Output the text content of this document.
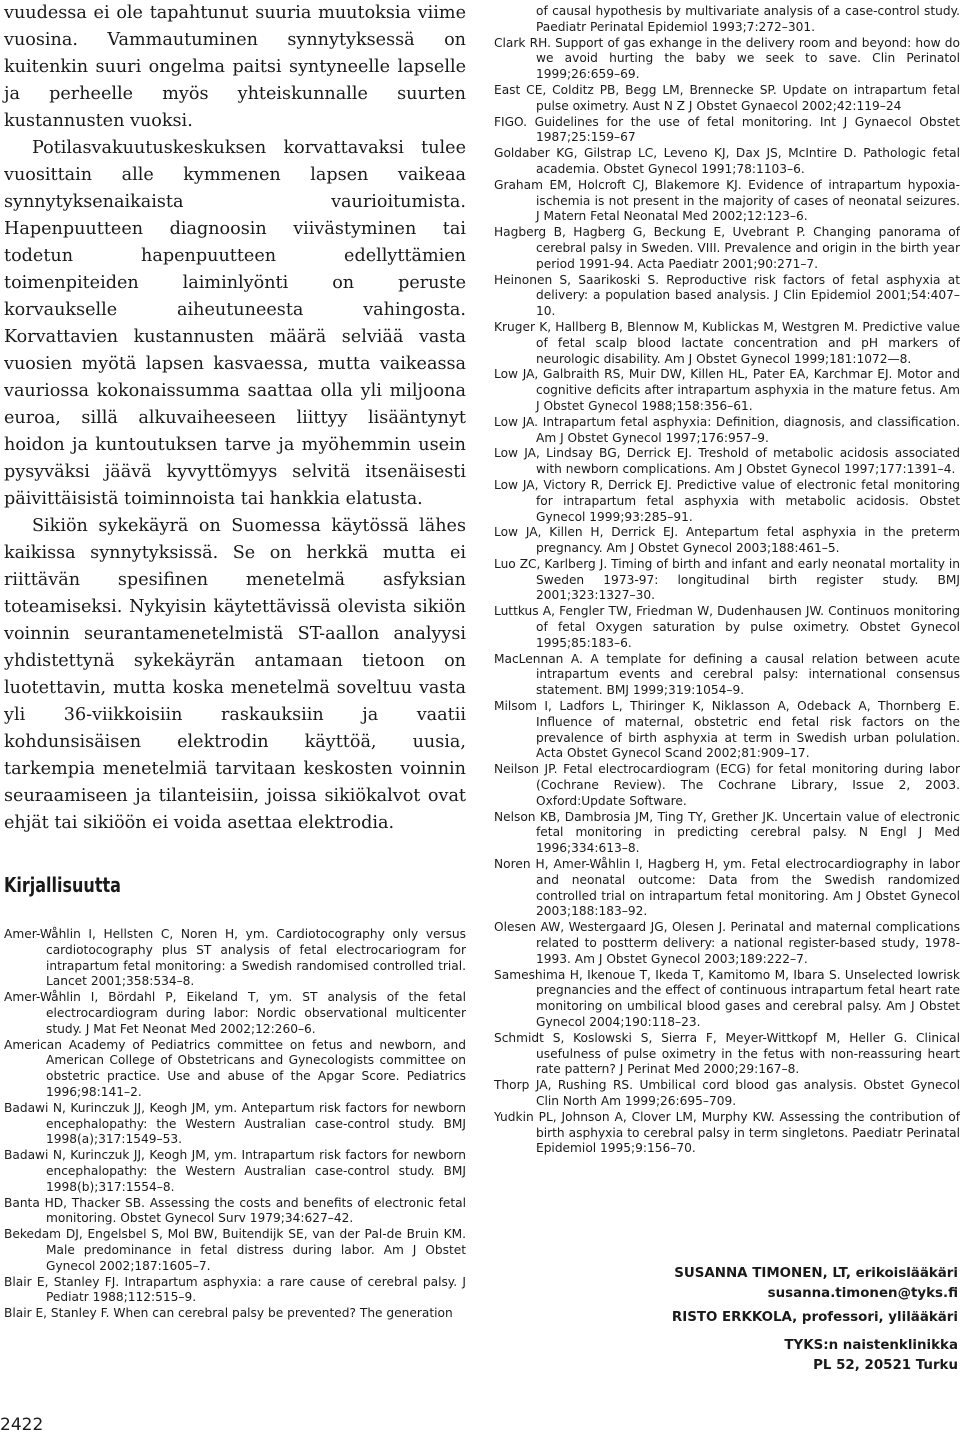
vuudessa ei ole tapahtunut suuria muutoksia viime vuosina. Vammautuminen synnytyksessä on kuitenkin suuri ongelma paitsi syntyneelle lapselle ja perheelle myös yhteiskunnalle suurten kustannusten vuoksi.

Potilasvakuutuskeskuksen korvattavaksi tulee vuosittain alle kymmenen lapsen vaikeaa synnytyksenaikaista vaurioitumista. Hapenpuutteen diagnoosin viivästyminen tai todetun hapenpuutteen edellyttämien toimenpiteiden laiminlyönti on peruste korvaukselle aiheutuneesta vahingosta. Korvattavien kustannusten määrä selviää vasta vuosien myötä lapsen kasvaessa, mutta vaikeassa vauriossa kokonaissumma saattaa olla yli miljoona euroa, sillä alkuvaiheeseen liittyy lisääntynyt hoidon ja kuntoutuksen tarve ja myöhemmin usein pysyväksi jäävä kyvyttömyys selvitä itsenäisesti päivittäisistä toiminnoista tai hankkia elatusta.

Sikiön sykekäyrä on Suomessa käytössä lähes kaikissa synnytyksissä. Se on herkkä mutta ei riittävän spesifinen menetelmä asfyksian toteamiseksi. Nykyisin käytettävissä olevista sikiön voinnin seurantamenetelmistä ST-aallon analyysi yhdistettynä sykekäyrän antamaan tietoon on luotettavin, mutta koska menetelmä soveltuu vasta yli 36-viikkoisiin raskauksiin ja vaatii kohdunsisäisen elektrodin käyttöä, uusia, tarkempia menetelmiä tarvitaan keskosten voinnin seuraamiseen ja tilanteisiin, joissa sikiökalvot ovat ehjät tai sikiöön ei voida asettaa elektrodia.

Kirjallisuutta

Amer-Wåhlin I, Hellsten C, Noren H, ym. Cardiotocography only versus cardiotocography plus ST analysis of fetal electrocariogram for intrapartum fetal monitoring: a Swedish randomised controlled trial. Lancet 2001;358:534–8.

Amer-Wåhlin I, Bördahl P, Eikeland T, ym. ST analysis of the fetal electrocardiogram during labor: Nordic observational multicenter study. J Mat Fet Neonat Med 2002;12:260–6.

American Academy of Pediatrics committee on fetus and newborn, and American College of Obstetricans and Gynecologists committee on obstetric practice. Use and abuse of the Apgar Score. Pediatrics 1996;98:141–2.

Badawi N, Kurinczuk JJ, Keogh JM, ym. Antepartum risk factors for newborn encephalopathy: the Western Australian case-control study. BMJ 1998(a);317:1549–53.

Badawi N, Kurinczuk JJ, Keogh JM, ym. Intrapartum risk factors for newborn encephalopathy: the Western Australian case-control study. BMJ 1998(b);317:1554–8.

Banta HD, Thacker SB. Assessing the costs and benefits of electronic fetal monitoring. Obstet Gynecol Surv 1979;34:627–42.

Bekedam DJ, Engelsbel S, Mol BW, Buitendijk SE, van der Pal-de Bruin KM. Male predominance in fetal distress during labor. Am J Obstet Gynecol 2002;187:1605–7.

Blair E, Stanley FJ. Intrapartum asphyxia: a rare cause of cerebral palsy. J Pediatr 1988;112:515–9.

Blair E, Stanley F. When can cerebral palsy be prevented? The generation

of causal hypothesis by multivariate analysis of a case-control study. Paediatr Perinatal Epidemiol 1993;7:272–301.

Clark RH. Support of gas exhange in the delivery room and beyond: how do we avoid hurting the baby we seek to save. Clin Perinatol 1999;26:659–69.

East CE, Colditz PB, Begg LM, Brennecke SP. Update on intrapartum fetal pulse oximetry. Aust N Z J Obstet Gynaecol 2002;42:119–24

FIGO. Guidelines for the use of fetal monitoring. Int J Gynaecol Obstet 1987;25:159–67

Goldaber KG, Gilstrap LC, Leveno KJ, Dax JS, McIntire D. Pathologic fetal academia. Obstet Gynecol 1991;78:1103–6.

Graham EM, Holcroft CJ, Blakemore KJ. Evidence of intrapartum hypoxia-ischemia is not present in the majority of cases of neonatal seizures. J Matern Fetal Neonatal Med 2002;12:123–6.

Hagberg B, Hagberg G, Beckung E, Uvebrant P. Changing panorama of cerebral palsy in Sweden. VIII. Prevalence and origin in the birth year period 1991-94. Acta Paediatr 2001;90:271–7.

Heinonen S, Saarikoski S. Reproductive risk factors of fetal asphyxia at delivery: a population based analysis. J Clin Epidemiol 2001;54:407–10.

Kruger K, Hallberg B, Blennow M, Kublickas M, Westgren M. Predictive value of fetal scalp blood lactate concentration and pH markers of neurologic disability. Am J Obstet Gynecol 1999;181:1072—8.

Low JA, Galbraith RS, Muir DW, Killen HL, Pater EA, Karchmar EJ. Motor and cognitive deficits after intrapartum asphyxia in the mature fetus. Am J Obstet Gynecol 1988;158:356–61.

Low JA. Intrapartum fetal asphyxia: Definition, diagnosis, and classification. Am J Obstet Gynecol 1997;176:957–9.

Low JA, Lindsay BG, Derrick EJ. Treshold of metabolic acidosis associated with newborn complications. Am J Obstet Gynecol 1997;177:1391–4.

Low JA, Victory R, Derrick EJ. Predictive value of electronic fetal monitoring for intrapartum fetal asphyxia with metabolic acidosis. Obstet Gynecol 1999;93:285–91.

Low JA, Killen H, Derrick EJ. Antepartum fetal asphyxia in the preterm pregnancy. Am J Obstet Gynecol 2003;188:461–5.

Luo ZC, Karlberg J. Timing of birth and infant and early neonatal mortality in Sweden 1973-97: longitudinal birth register study. BMJ 2001;323:1327–30.

Luttkus A, Fengler TW, Friedman W, Dudenhausen JW. Continuos monitoring of fetal Oxygen saturation by pulse oximetry. Obstet Gynecol 1995;85:183–6.

MacLennan A. A template for defining a causal relation between acute intrapartum events and cerebral palsy: international consensus statement. BMJ 1999;319:1054–9.

Milsom I, Ladfors L, Thiringer K, Niklasson A, Odeback A, Thornberg E. Influence of maternal, obstetric end fetal risk factors on the prevalence of birth asphyxia at term in Swedish urban polulation. Acta Obstet Gynecol Scand 2002;81:909–17.

Neilson JP. Fetal electrocardiogram (ECG) for fetal monitoring during labor (Cochrane Review). The Cochrane Library, Issue 2, 2003. Oxford:Update Software.

Nelson KB, Dambrosia JM, Ting TY, Grether JK. Uncertain value of electronic fetal monitoring in predicting cerebral palsy. N Engl J Med 1996;334:613–8.

Noren H, Amer-Wåhlin I, Hagberg H, ym. Fetal electrocardiography in labor and neonatal outcome: Data from the Swedish randomized controlled trial on intrapartum fetal monitoring. Am J Obstet Gynecol 2003;188:183–92.

Olesen AW, Westergaard JG, Olesen J. Perinatal and maternal complications related to postterm delivery: a national register-based study, 1978-1993. Am J Obstet Gynecol 2003;189:222–7.

Sameshima H, Ikenoue T, Ikeda T, Kamitomo M, Ibara S. Unselected lowrisk pregnancies and the effect of continuous intrapartum fetal heart rate monitoring on umbilical blood gases and cerebral palsy. Am J Obstet Gynecol 2004;190:118–23.

Schmidt S, Koslowski S, Sierra F, Meyer-Wittkopf M, Heller G. Clinical usefulness of pulse oximetry in the fetus with non-reassuring heart rate pattern? J Perinat Med 2000;29:167–8.

Thorp JA, Rushing RS. Umbilical cord blood gas analysis. Obstet Gynecol Clin North Am 1999;26:695–709.

Yudkin PL, Johnson A, Clover LM, Murphy KW. Assessing the contribution of birth asphyxia to cerebral palsy in term singletons. Paediatr Perinatal Epidemiol 1995;9:156–70.

SUSANNA TIMONEN, LT, erikoislääkäri
susanna.timonen@tyks.fi
RISTO ERKKOLA, professori, ylilääkäri
TYKS:n naistenklinikka
PL 52, 20521 Turku
2422
